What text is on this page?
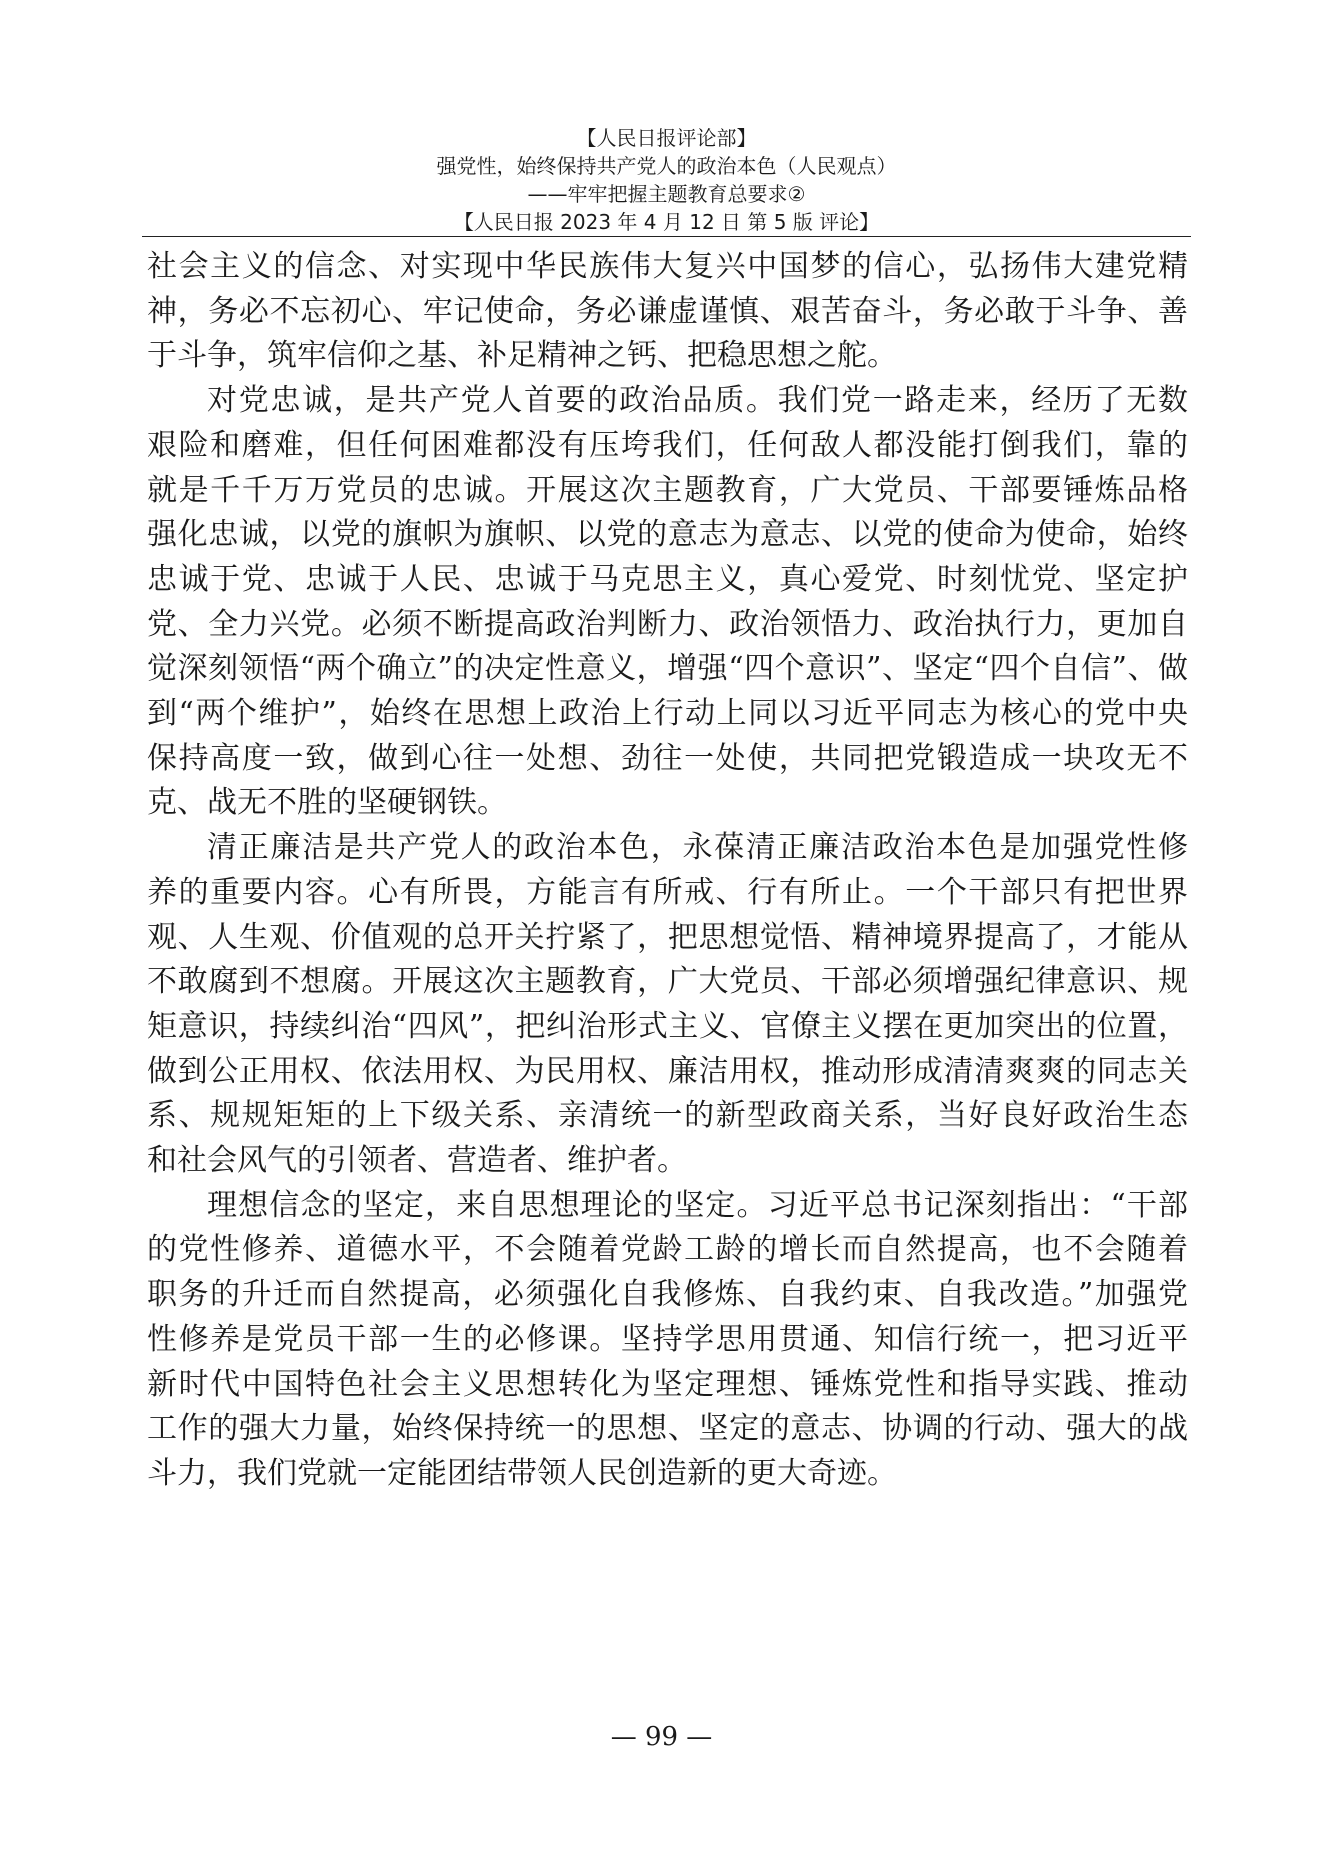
【人民日报评论部】
强党性，始终保持共产党人的政治本色（人民观点）
——牢牢把握主题教育总要求②
【人民日报 2023 年 4 月 12 日 第 5 版 评论】
社会主义的信念、对实现中华民族伟大复兴中国梦的信心，弘扬伟大建党精
神，务必不忘初心、牢记使命，务必谦虚谨慎、艰苦奋斗，务必敢于斗争、善
于斗争，筑牢信仰之基、补足精神之钙、把稳思想之舵。
对党忠诚，是共产党人首要的政治品质。我们党一路走来，经历了无数
艰险和磨难，但任何困难都没有压垮我们，任何敌人都没能打倒我们，靠的
就是千千万万党员的忠诚。开展这次主题教育，广大党员、干部要锤炼品格
强化忠诚，以党的旗帜为旗帜、以党的意志为意志、以党的使命为使命，始终
忠诚于党、忠诚于人民、忠诚于马克思主义，真心爱党、时刻忧党、坚定护
党、全力兴党。必须不断提高政治判断力、政治领悟力、政治执行力，更加自
觉深刻领悟“两个确立”的决定性意义，增强“四个意识”、坚定“四个自信”、做
到“两个维护”，始终在思想上政治上行动上同以习近平同志为核心的党中央
保持高度一致，做到心往一处想、劲往一处使，共同把党锻造成一块攻无不
克、战无不胜的坚硬钢铁。
清正廉洁是共产党人的政治本色，永葆清正廉洁政治本色是加强党性修
养的重要内容。心有所畏，方能言有所戒、行有所止。一个干部只有把世界
观、人生观、价值观的总开关拧紧了，把思想觉悟、精神境界提高了，才能从
不敢腐到不想腐。开展这次主题教育，广大党员、干部必须增强纪律意识、规
矩意识，持续纠治“四风”，把纠治形式主义、官僚主义摆在更加突出的位置，
做到公正用权、依法用权、为民用权、廉洁用权，推动形成清清爽爽的同志关
系、规规矩矩的上下级关系、亲清统一的新型政商关系，当好良好政治生态
和社会风气的引领者、营造者、维护者。
理想信念的坚定，来自思想理论的坚定。习近平总书记深刻指出：“干部
的党性修养、道德水平，不会随着党龄工龄的增长而自然提高，也不会随着
职务的升迁而自然提高，必须强化自我修炼、自我约束、自我改造。”加强党
性修养是党员干部一生的必修课。坚持学思用贯通、知信行统一，把习近平
新时代中国特色社会主义思想转化为坚定理想、锤炼党性和指导实践、推动
工作的强大力量，始终保持统一的思想、坚定的意志、协调的行动、强大的战
斗力，我们党就一定能团结带领人民创造新的更大奇迹。
— 99 —
